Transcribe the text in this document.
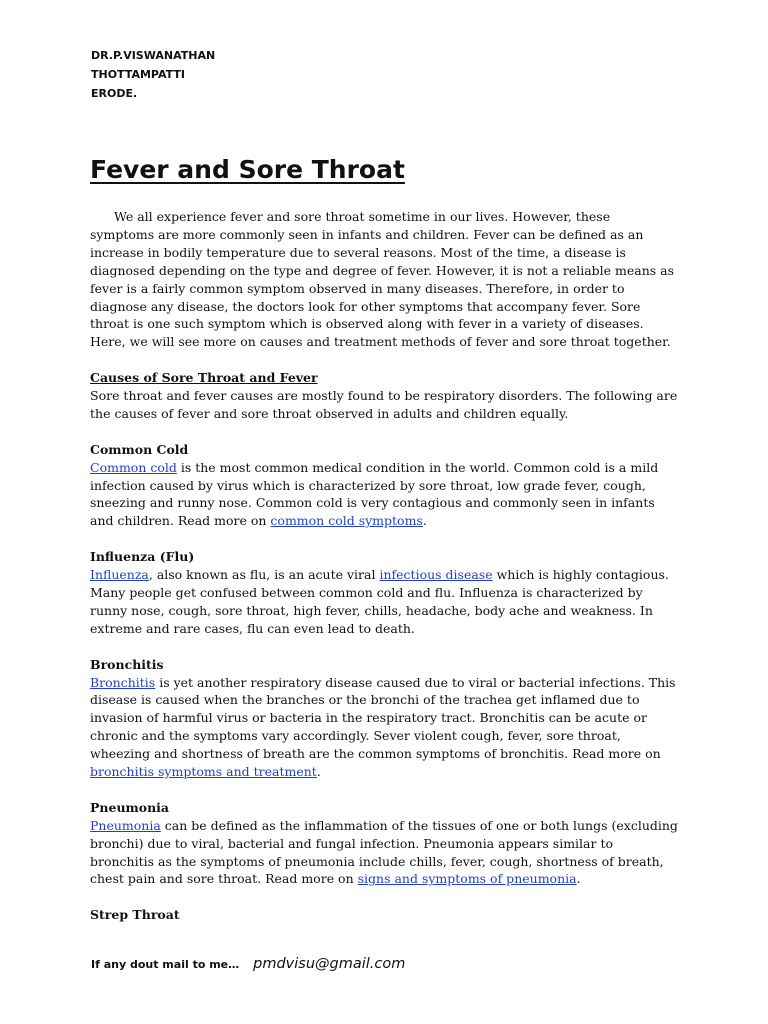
DR.P.VISWANATHAN
THOTTAMPATTI
ERODE.
Fever and Sore Throat

We all experience fever and sore throat sometime in our lives. However, these symptoms are more commonly seen in infants and children. Fever can be defined as an increase in bodily temperature due to several reasons. Most of the time, a disease is diagnosed depending on the type and degree of fever. However, it is not a reliable means as fever is a fairly common symptom observed in many diseases. Therefore, in order to diagnose any disease, the doctors look for other symptoms that accompany fever. Sore throat is one such symptom which is observed along with fever in a variety of diseases. Here, we will see more on causes and treatment methods of fever and sore throat together.

Causes of Sore Throat and Fever

Sore throat and fever causes are mostly found to be respiratory disorders. The following are the causes of fever and sore throat observed in adults and children equally.

Common Cold

Common cold is the most common medical condition in the world. Common cold is a mild infection caused by virus which is characterized by sore throat, low grade fever, cough, sneezing and runny nose. Common cold is very contagious and commonly seen in infants and children. Read more on common cold symptoms.

Influenza (Flu)

Influenza, also known as flu, is an acute viral infectious disease which is highly contagious. Many people get confused between common cold and flu. Influenza is characterized by runny nose, cough, sore throat, high fever, chills, headache, body ache and weakness. In extreme and rare cases, flu can even lead to death.

Bronchitis

Bronchitis is yet another respiratory disease caused due to viral or bacterial infections. This disease is caused when the branches or the bronchi of the trachea get inflamed due to invasion of harmful virus or bacteria in the respiratory tract. Bronchitis can be acute or chronic and the symptoms vary accordingly. Sever violent cough, fever, sore throat, wheezing and shortness of breath are the common symptoms of bronchitis. Read more on bronchitis symptoms and treatment.

Pneumonia

Pneumonia can be defined as the inflammation of the tissues of one or both lungs (excluding bronchi) due to viral, bacterial and fungal infection. Pneumonia appears similar to bronchitis as the symptoms of pneumonia include chills, fever, cough, shortness of breath, chest pain and sore throat. Read more on signs and symptoms of pneumonia.

Strep Throat

If any dout mail to me… pmdvisu@gmail.com
